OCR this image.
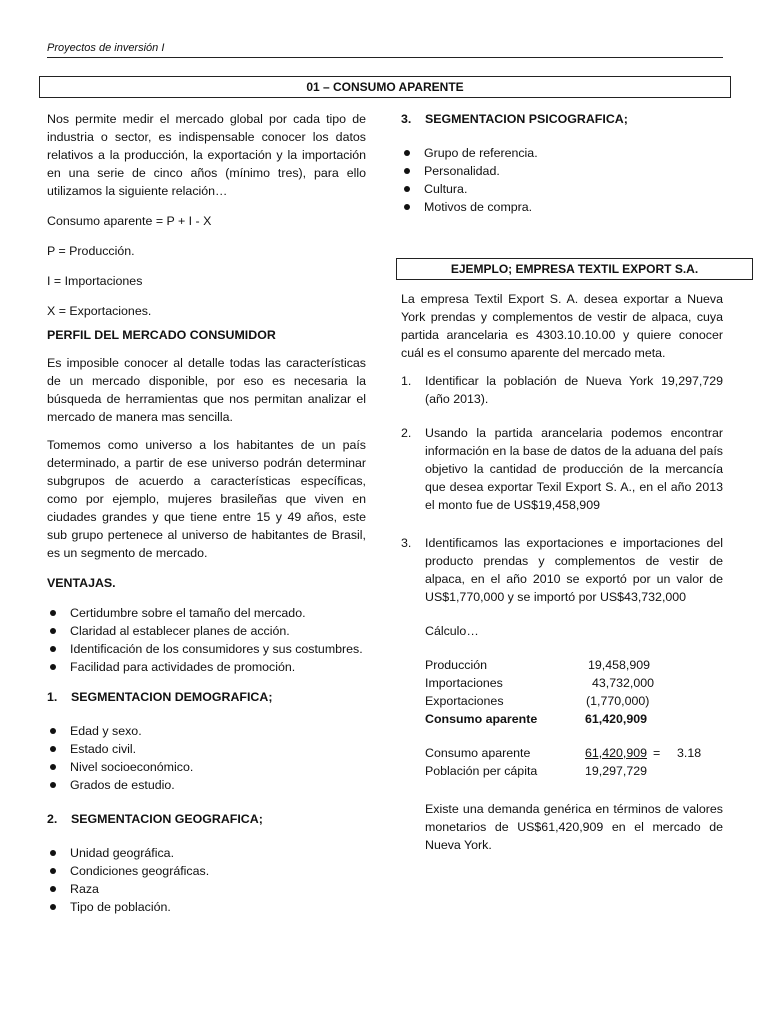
Proyectos de inversión I
01 – CONSUMO APARENTE

Nos permite medir el mercado global por cada tipo de industria o sector, es indispensable conocer los datos relativos a la producción, la exportación y la importación en una serie de cinco años (mínimo tres), para ello utilizamos la siguiente relación…

Consumo aparente = P + I - X

P = Producción.

I = Importaciones

X = Exportaciones.

PERFIL DEL MERCADO CONSUMIDOR

Es imposible conocer al detalle todas las características de un mercado disponible, por eso es necesaria la búsqueda de herramientas que nos permitan analizar el mercado de manera mas sencilla.

Tomemos como universo a los habitantes de un país determinado, a partir de ese universo podrán determinar subgrupos de acuerdo a características específicas, como por ejemplo, mujeres brasileñas que viven en ciudades grandes y que tiene entre 15 y 49 años, este sub grupo pertenece al universo de habitantes de Brasil, es un segmento de mercado.

VENTAJAS.

Certidumbre sobre el tamaño del mercado.
Claridad al establecer planes de acción.
Identificación de los consumidores y sus costumbres.
Facilidad para actividades de promoción.
1. SEGMENTACION DEMOGRAFICA;
Edad y sexo.
Estado civil.
Nivel socioeconómico.
Grados de estudio.
2. SEGMENTACION GEOGRAFICA;
Unidad geográfica.
Condiciones geográficas.
Raza
Tipo de población.
3. SEGMENTACION PSICOGRAFICA;
Grupo de referencia.
Personalidad.
Cultura.
Motivos de compra.
EJEMPLO; EMPRESA TEXTIL EXPORT S.A.

La empresa Textil Export S. A. desea exportar a Nueva York prendas y complementos de vestir de alpaca, cuya partida arancelaria es 4303.10.10.00 y quiere conocer cuál es el consumo aparente del mercado meta.

1. Identificar la población de Nueva York 19,297,729 (año 2013).
2. Usando la partida arancelaria podemos encontrar información en la base de datos de la aduana del país objetivo la cantidad de producción de la mercancía que desea exportar Texil Export S. A., en el año 2013 el monto fue de US$19,458,909
3. Identificamos las exportaciones e importaciones del producto prendas y complementos de vestir de alpaca, en el año 2010 se exportó por un valor de US$1,770,000 y se importó por US$43,732,000

Cálculo…

Producción	19,458,909
Importaciones	43,732,000
Exportaciones	(1,770,000)
Consumo aparente	61,420,909
Consumo aparente	61,420,909 = 3.18
Población per cápita	19,297,729

Existe una demanda genérica en términos de valores monetarios de US$61,420,909 en el mercado de Nueva York.
